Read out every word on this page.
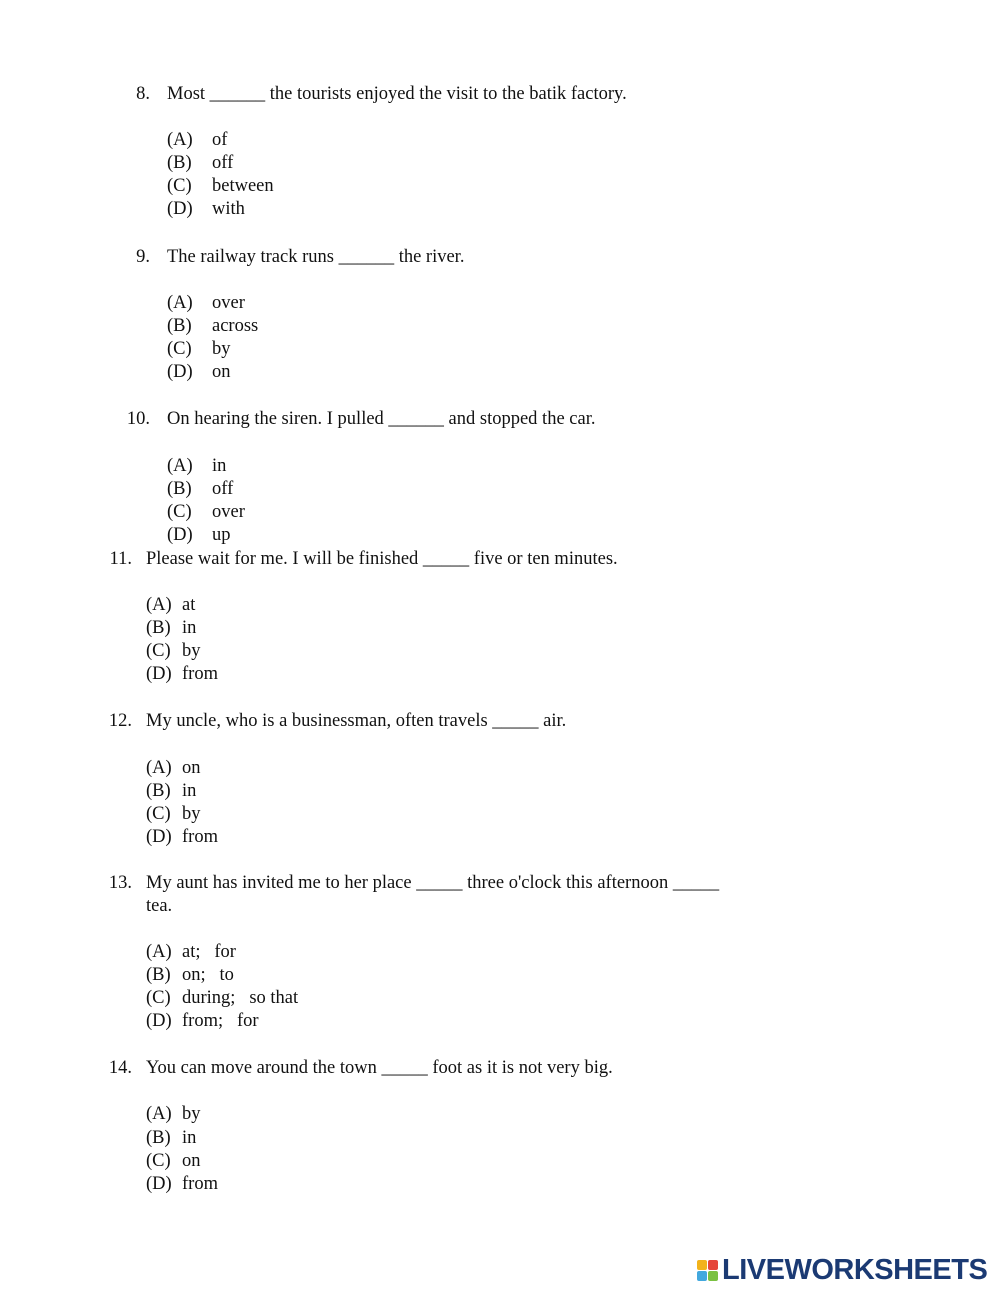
8. Most ______ the tourists enjoyed the visit to the batik factory.
(A) of
(B) off
(C) between
(D) with
9. The railway track runs ______ the river.
(A) over
(B) across
(C) by
(D) on
10. On hearing the siren. I pulled ______ and stopped the car.
(A) in
(B) off
(C) over
(D) up
11. Please wait for me. I will be finished _____ five or ten minutes.
(A) at
(B) in
(C) by
(D) from
12. My uncle, who is a businessman, often travels _____ air.
(A) on
(B) in
(C) by
(D) from
13. My aunt has invited me to her place _____ three o'clock this afternoon _____
tea.
(A) at;   for
(B) on;   to
(C) during;   so that
(D) from;   for
14. You can move around the town _____ foot as it is not very big.
(A) by
(B) in
(C) on
(D) from
LIVEWORKSHEETS
